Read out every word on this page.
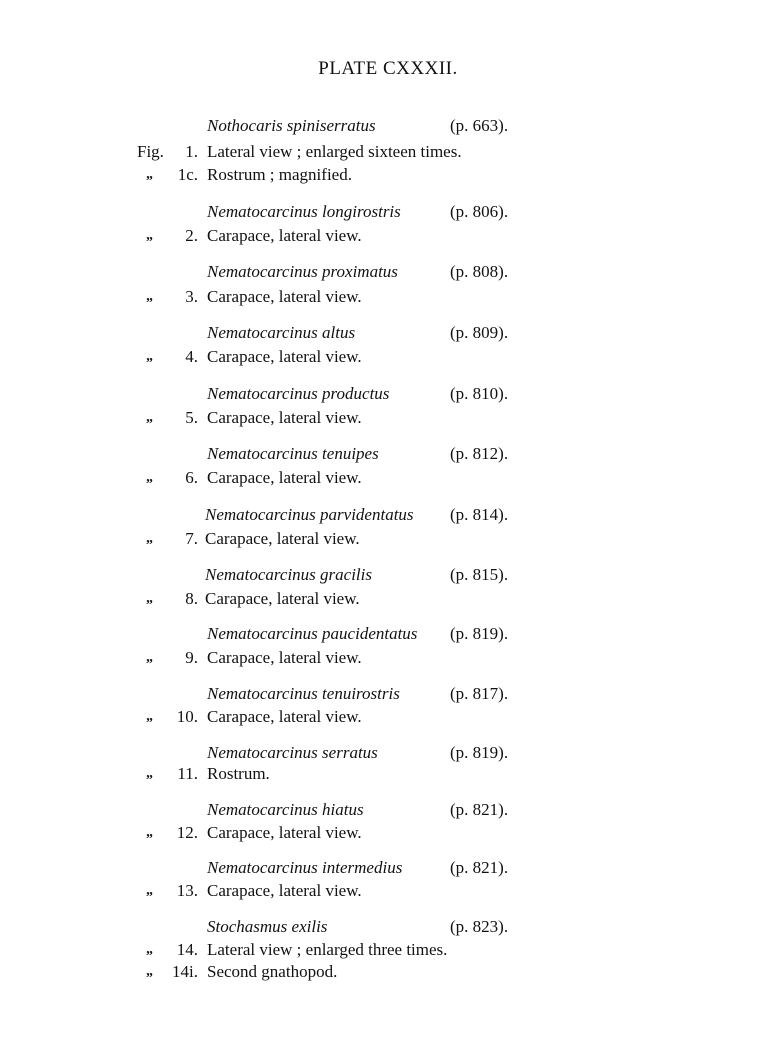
PLATE CXXXII.
Nothocaris spiniserratus	(p. 663).
Fig. 1. Lateral view ; enlarged sixteen times.
„ 1c. Rostrum ; magnified.
Nematocarcinus longirostris	(p. 806).
„ 2. Carapace, lateral view.
Nematocarcinus proximatus	(p. 808).
„ 3. Carapace, lateral view.
Nematocarcinus altus	(p. 809).
„ 4. Carapace, lateral view.
Nematocarcinus productus	(p. 810).
„ 5. Carapace, lateral view.
Nematocarcinus tenuipes	(p. 812).
„ 6. Carapace, lateral view.
Nematocarcinus parvidentatus (p. 814).
„ 7. Carapace, lateral view.
Nematocarcinus gracilis	(p. 815).
„ 8. Carapace, lateral view.
Nematocarcinus paucidentatus (p. 819).
„ 9. Carapace, lateral view.
Nematocarcinus tenuirostris	(p. 817).
„ 10. Carapace, lateral view.
Nematocarcinus serratus	(p. 819).
„ 11. Rostrum.
Nematocarcinus hiatus	(p. 821).
„ 12. Carapace, lateral view.
Nematocarcinus intermedius	(p. 821).
„ 13. Carapace, lateral view.
Stochasmus exilis	(p. 823).
„ 14. Lateral view ; enlarged three times.
„ 14i. Second gnathopod.
